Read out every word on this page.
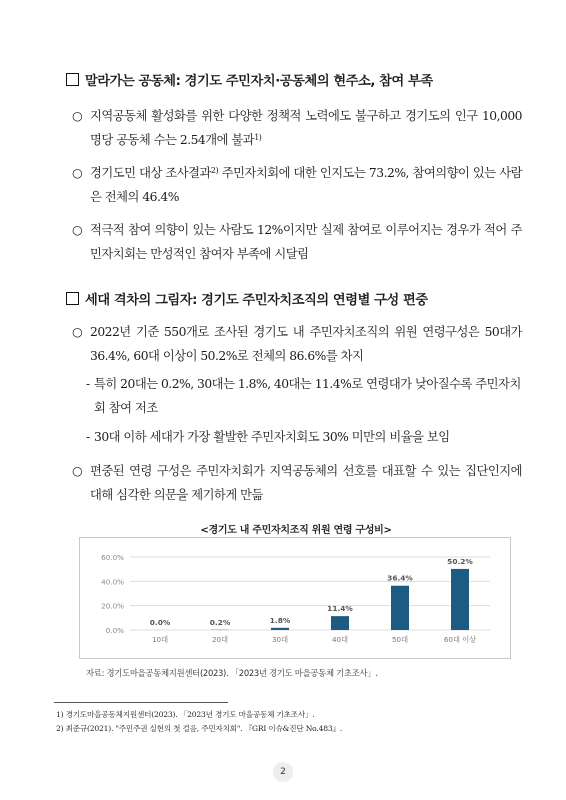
말라가는 공동체: 경기도 주민자치·공동체의 현주소, 참여 부족
○ 지역공동체 활성화를 위한 다양한 정책적 노력에도 불구하고 경기도의 인구 10,000명당 공동체 수는 2.54개에 불과$^{1)}$
○ 경기도민 대상 조사결과$^{2)}$ 주민자치회에 대한 인지도는 73.2%, 참여의향이 있는 사람은 전체의 46.4%
○ 적극적 참여 의향이 있는 사람도 12%이지만 실제 참여로 이루어지는 경우가 적어 주민자치회는 만성적인 참여자 부족에 시달림
세대 격차의 그림자: 경기도 주민자치조직의 연령별 구성 편중
○ 2022년 기준 550개로 조사된 경기도 내 주민자치조직의 위원 연령구성은 50대가 36.4%, 60대 이상이 50.2%로 전체의 86.6%를 차지
- 특히 20대는 0.2%, 30대는 1.8%, 40대는 11.4%로 연령대가 낮아질수록 주민자치회 참여 저조
- 30대 이하 세대가 가장 활발한 주민자치회도 30% 미만의 비율을 보임
○ 편중된 연령 구성은 주민자치회가 지역공동체의 선호를 대표할 수 있는 집단인지에 대해 심각한 의문을 제기하게 만듦
<경기도 내 주민자치조직 위원 연령 구성비>
0.0%
20.0%
40.0%
60.0%
0.0%
10대
0.2%
20대
1.8%
30대
11.4%
40대
36.4%
50대
50.2%
60대 이상
자료: 경기도마을공동체지원센터(2023). 「2023년 경기도 마을공동체 기초조사」.
1) 경기도마을공동체지원센터(2023). 「2023년 경기도 마을공동체 기초조사」.
2) 최준규(2021). "주민주권 실현의 첫 걸음, 주민자치회". 『GRI 이슈&진단 No.483』.
2
